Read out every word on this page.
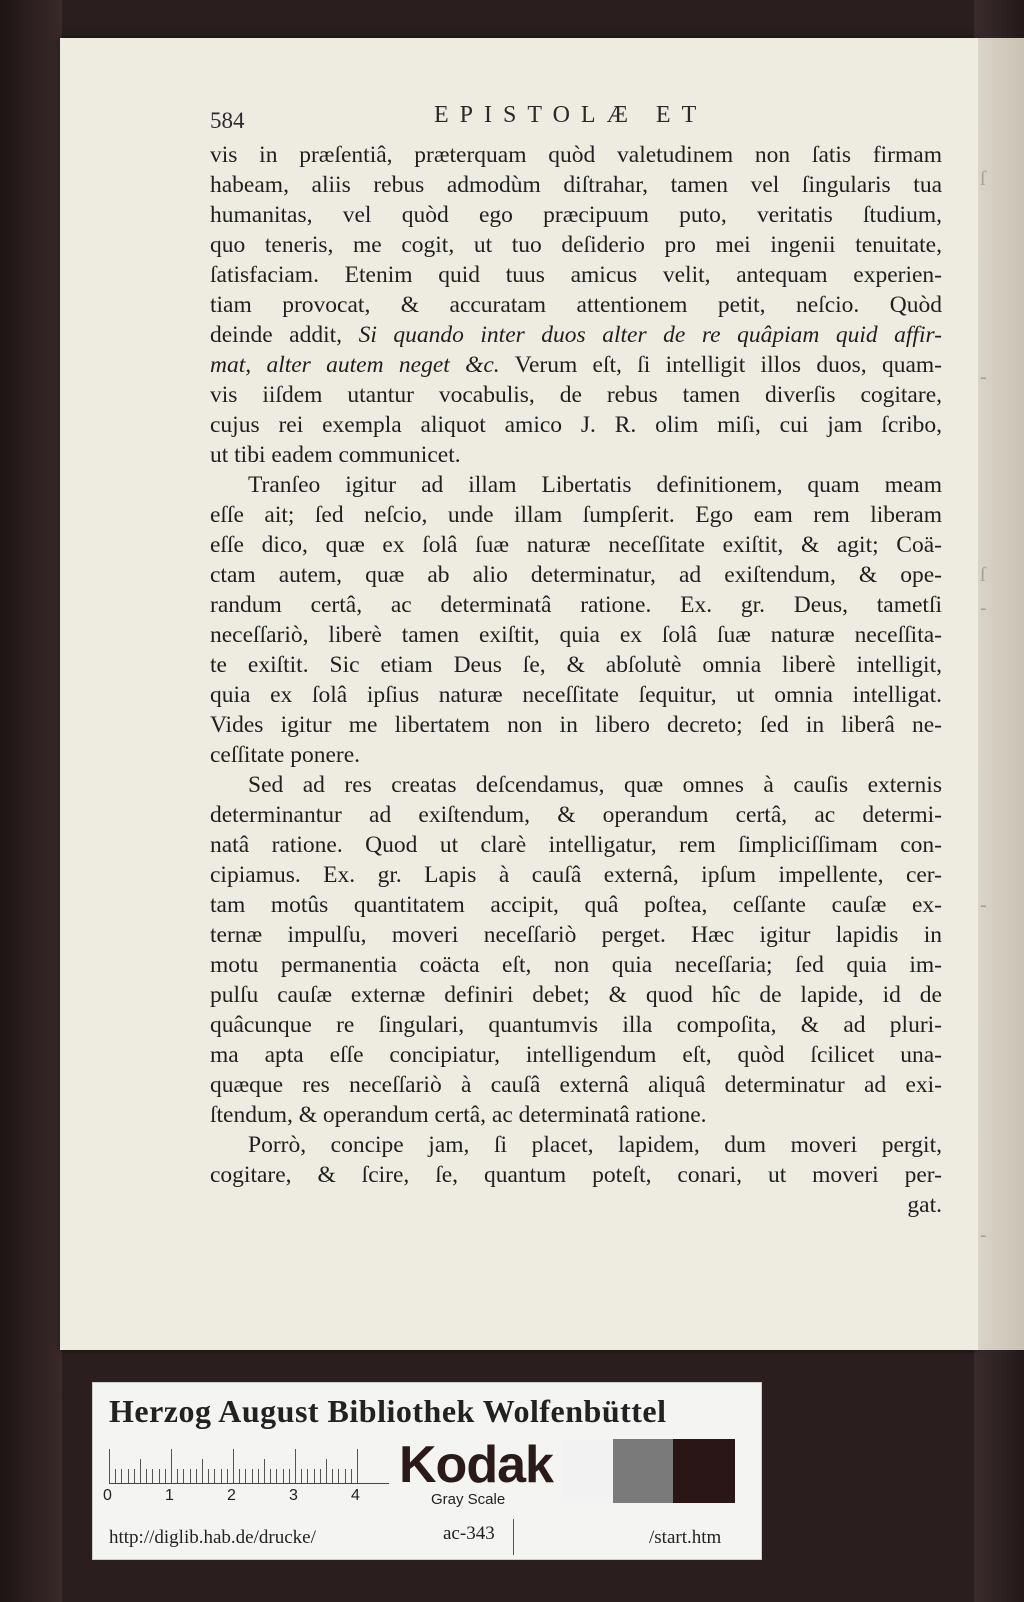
ſ
-
ſ
-
-
-
584	EPISTOLÆ ET
vis in præſentiâ, præterquam quòd valetudinem non ſatis firmam
habeam, aliis rebus admodùm diſtrahar, tamen vel ſingularis tua
humanitas, vel quòd ego præcipuum puto, veritatis ſtudium,
quo teneris, me cogit, ut tuo deſiderio pro mei ingenii tenuitate,
ſatisfaciam. Etenim quid tuus amicus velit, antequam experien-
tiam provocat, & accuratam attentionem petit, neſcio. Quòd
deinde addit, Si quando inter duos alter de re quâpiam quid affir-
mat, alter autem neget &c. Verum eſt, ſi intelligit illos duos, quam-
vis iiſdem utantur vocabulis, de rebus tamen diverſis cogitare,
cujus rei exempla aliquot amico J. R. olim miſi, cui jam ſcribo,
ut tibi eadem communicet.
Tranſeo igitur ad illam Libertatis definitionem, quam meam
eſſe ait; ſed neſcio, unde illam ſumpſerit. Ego eam rem liberam
eſſe dico, quæ ex ſolâ ſuæ naturæ neceſſitate exiſtit, & agit; Coä-
ctam autem, quæ ab alio determinatur, ad exiſtendum, & ope-
randum certâ, ac determinatâ ratione. Ex. gr. Deus, tametſi
neceſſariò, liberè tamen exiſtit, quia ex ſolâ ſuæ naturæ neceſſita-
te exiſtit. Sic etiam Deus ſe, & abſolutè omnia liberè intelligit,
quia ex ſolâ ipſius naturæ neceſſitate ſequitur, ut omnia intelligat.
Vides igitur me libertatem non in libero decreto; ſed in liberâ ne-
ceſſitate ponere.
Sed ad res creatas deſcendamus, quæ omnes à cauſis externis
determinantur ad exiſtendum, & operandum certâ, ac determi-
natâ ratione. Quod ut clarè intelligatur, rem ſimpliciſſimam con-
cipiamus. Ex. gr. Lapis à cauſâ externâ, ipſum impellente, cer-
tam motûs quantitatem accipit, quâ poſtea, ceſſante cauſæ ex-
ternæ impulſu, moveri neceſſariò perget. Hæc igitur lapidis in
motu permanentia coäcta eſt, non quia neceſſaria; ſed quia im-
pulſu cauſæ externæ definiri debet; & quod hîc de lapide, id de
quâcunque re ſingulari, quantumvis illa compoſita, & ad pluri-
ma apta eſſe concipiatur, intelligendum eſt, quòd ſcilicet una-
quæque res neceſſariò à cauſâ externâ aliquâ determinatur ad exi-
ſtendum, & operandum certâ, ac determinatâ ratione.
Porrò, concipe jam, ſi placet, lapidem, dum moveri pergit,
cogitare, & ſcire, ſe, quantum poteſt, conari, ut moveri per-
gat.
Herzog August Bibliothek Wolfenbüttel
0	1	2	3	4
Kodak
Gray Scale
http://diglib.hab.de/drucke/	ac-343	/start.htm
